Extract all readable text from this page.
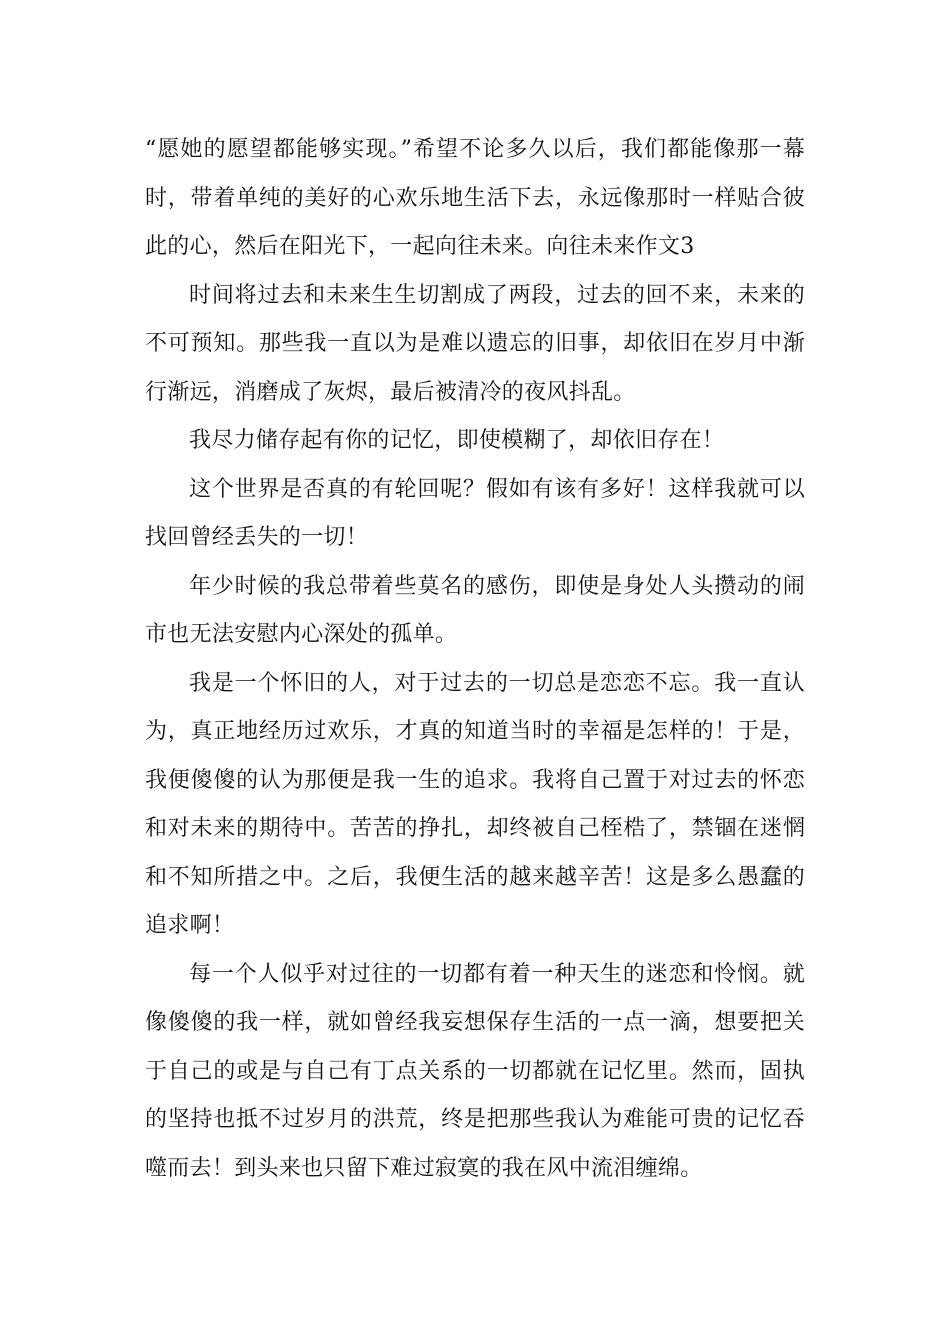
“愿她的愿望都能够实现。”希望不论多久以后，我们都能像那一幕时，带着单纯的美好的心欢乐地生活下去，永远像那时一样贴合彼此的心，然后在阳光下，一起向往未来。向往未来作文3

时间将过去和未来生生切割成了两段，过去的回不来，未来的不可预知。那些我一直以为是难以遗忘的旧事，却依旧在岁月中渐行渐远，消磨成了灰烬，最后被清冷的夜风抖乱。

我尽力储存起有你的记忆，即使模糊了，却依旧存在！

这个世界是否真的有轮回呢？假如有该有多好！这样我就可以找回曾经丢失的一切！

年少时候的我总带着些莫名的感伤，即使是身处人头攒动的闹市也无法安慰内心深处的孤单。

我是一个怀旧的人，对于过去的一切总是恋恋不忘。我一直认为，真正地经历过欢乐，才真的知道当时的幸福是怎样的！于是，我便傻傻的认为那便是我一生的追求。我将自己置于对过去的怀恋和对未来的期待中。苦苦的挣扎，却终被自己桎梏了，禁锢在迷惘和不知所措之中。之后，我便生活的越来越辛苦！这是多么愚蠢的追求啊！

每一个人似乎对过往的一切都有着一种天生的迷恋和怜悯。就像傻傻的我一样，就如曾经我妄想保存生活的一点一滴，想要把关于自己的或是与自己有丁点关系的一切都就在记忆里。然而，固执的坚持也抵不过岁月的洪荒，终是把那些我认为难能可贵的记忆吞噬而去！到头来也只留下难过寂寞的我在风中流泪缠绵。
